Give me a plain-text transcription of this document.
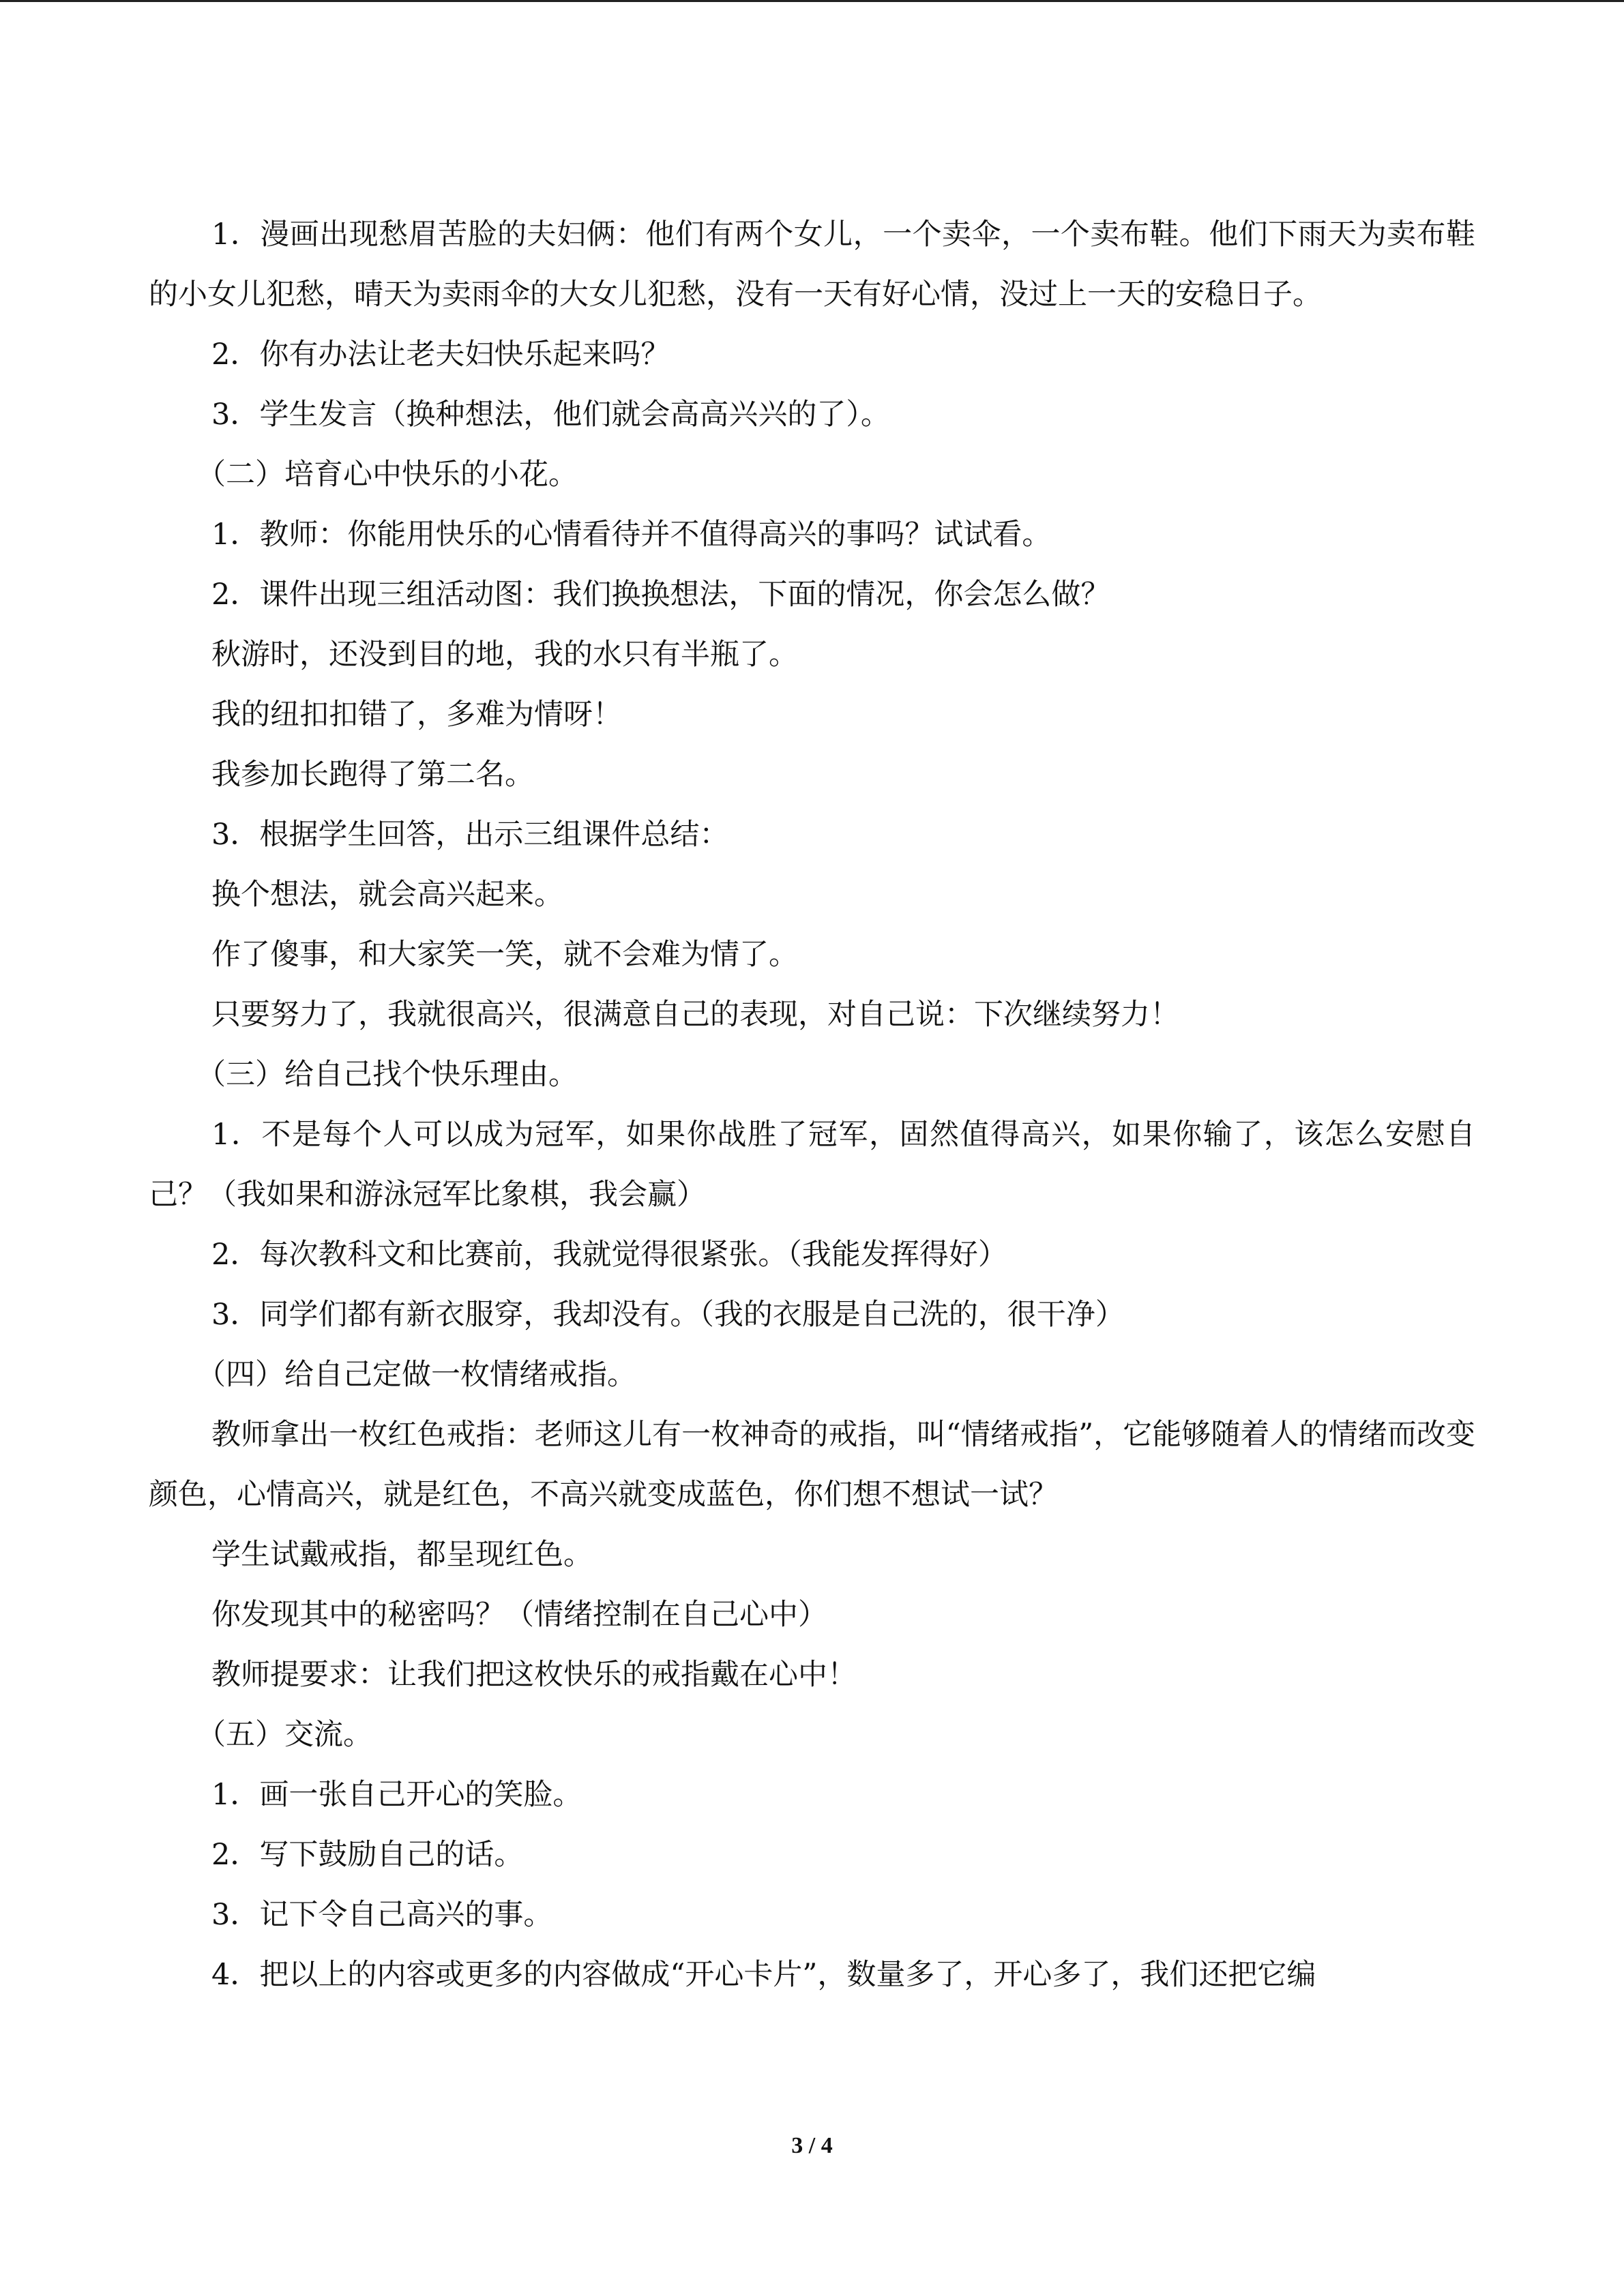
1．漫画出现愁眉苦脸的夫妇俩：他们有两个女儿，一个卖伞，一个卖布鞋。他们下雨天为卖布鞋的小女儿犯愁，晴天为卖雨伞的大女儿犯愁，没有一天有好心情，没过上一天的安稳日子。

2．你有办法让老夫妇快乐起来吗？

3．学生发言（换种想法，他们就会高高兴兴的了）。

（二）培育心中快乐的小花。

1．教师：你能用快乐的心情看待并不值得高兴的事吗？试试看。

2．课件出现三组活动图：我们换换想法，下面的情况，你会怎么做？

秋游时，还没到目的地，我的水只有半瓶了。

我的纽扣扣错了，多难为情呀！

我参加长跑得了第二名。

3．根据学生回答，出示三组课件总结：

换个想法，就会高兴起来。

作了傻事，和大家笑一笑，就不会难为情了。

只要努力了，我就很高兴，很满意自己的表现，对自己说：下次继续努力！

（三）给自己找个快乐理由。

1．不是每个人可以成为冠军，如果你战胜了冠军，固然值得高兴，如果你输了，该怎么安慰自己？（我如果和游泳冠军比象棋，我会赢）

2．每次教科文和比赛前，我就觉得很紧张。（我能发挥得好）

3．同学们都有新衣服穿，我却没有。（我的衣服是自己洗的，很干净）

（四）给自己定做一枚情绪戒指。

教师拿出一枚红色戒指：老师这儿有一枚神奇的戒指，叫“情绪戒指”，它能够随着人的情绪而改变颜色，心情高兴，就是红色，不高兴就变成蓝色，你们想不想试一试？

学生试戴戒指，都呈现红色。

你发现其中的秘密吗？（情绪控制在自己心中）

教师提要求：让我们把这枚快乐的戒指戴在心中！

（五）交流。

1．画一张自己开心的笑脸。

2．写下鼓励自己的话。

3．记下令自己高兴的事。

4．把以上的内容或更多的内容做成“开心卡片”，数量多了，开心多了，我们还把它编

3 / 4
